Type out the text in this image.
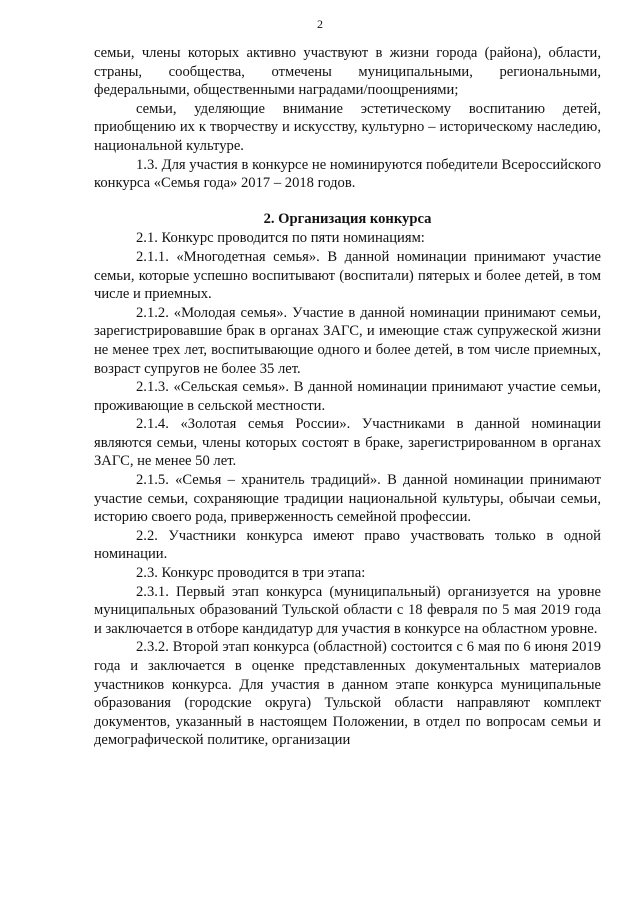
2

семьи, члены которых активно участвуют в жизни города (района), области, страны, сообщества, отмечены муниципальными, региональными, федеральными, общественными наградами/поощрениями;

семьи, уделяющие внимание эстетическому воспитанию детей, приобщению их к творчеству и искусству, культурно – историческому наследию, национальной культуре.

1.3. Для участия в конкурсе не номинируются победители Всероссийского конкурса «Семья года» 2017 – 2018 годов.

2. Организация конкурса

2.1. Конкурс проводится по пяти номинациям:

2.1.1. «Многодетная семья». В данной номинации принимают участие семьи, которые успешно воспитывают (воспитали) пятерых и более детей, в том числе и приемных.

2.1.2. «Молодая семья». Участие в данной номинации принимают семьи, зарегистрировавшие брак в органах ЗАГС, и имеющие стаж супружеской жизни не менее трех лет, воспитывающие одного и более детей, в том числе приемных, возраст супругов не более 35 лет.

2.1.3. «Сельская семья». В данной номинации принимают участие семьи, проживающие в сельской местности.

2.1.4. «Золотая семья России». Участниками в данной номинации являются семьи, члены которых состоят в браке, зарегистрированном в органах ЗАГС, не менее 50 лет.

2.1.5. «Семья – хранитель традиций». В данной номинации принимают участие семьи, сохраняющие традиции национальной культуры, обычаи семьи, историю своего рода, приверженность семейной профессии.

2.2. Участники конкурса имеют право участвовать только в одной номинации.

2.3. Конкурс проводится в три этапа:

2.3.1. Первый этап конкурса (муниципальный) организуется на уровне муниципальных образований Тульской области с 18 февраля по 5 мая 2019 года и заключается в отборе кандидатур для участия в конкурсе на областном уровне.

2.3.2. Второй этап конкурса (областной) состоится с 6 мая по 6 июня 2019 года и заключается в оценке представленных документальных материалов участников конкурса. Для участия в данном этапе конкурса муниципальные образования (городские округа) Тульской области направляют комплект документов, указанный в настоящем Положении, в отдел по вопросам семьи и демографической политике, организации
